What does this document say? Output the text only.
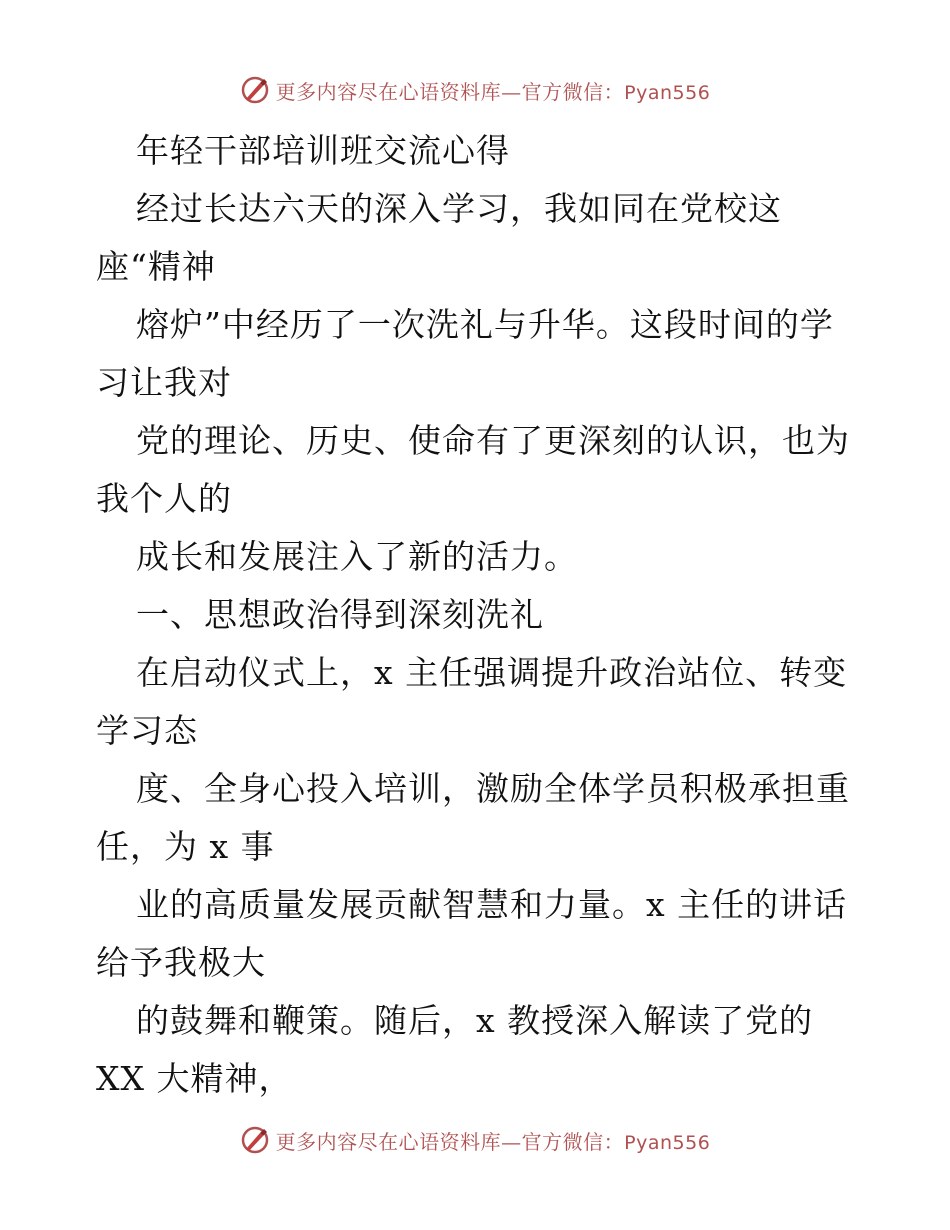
更多内容尽在心语资料库—官方微信：Pyan556
年轻干部培训班交流心得
经过长达六天的深入学习，我如同在党校这
座“精神
熔炉”中经历了一次洗礼与升华。这段时间的学
习让我对
党的理论、历史、使命有了更深刻的认识，也为
我个人的
成长和发展注入了新的活力。
一、思想政治得到深刻洗礼
在启动仪式上，x 主任强调提升政治站位、转变
学习态
度、全身心投入培训，激励全体学员积极承担重
任，为 x 事
业的高质量发展贡献智慧和力量。x 主任的讲话
给予我极大
的鼓舞和鞭策。随后，x 教授深入解读了党的
XX 大精神，
更多内容尽在心语资料库—官方微信：Pyan556
